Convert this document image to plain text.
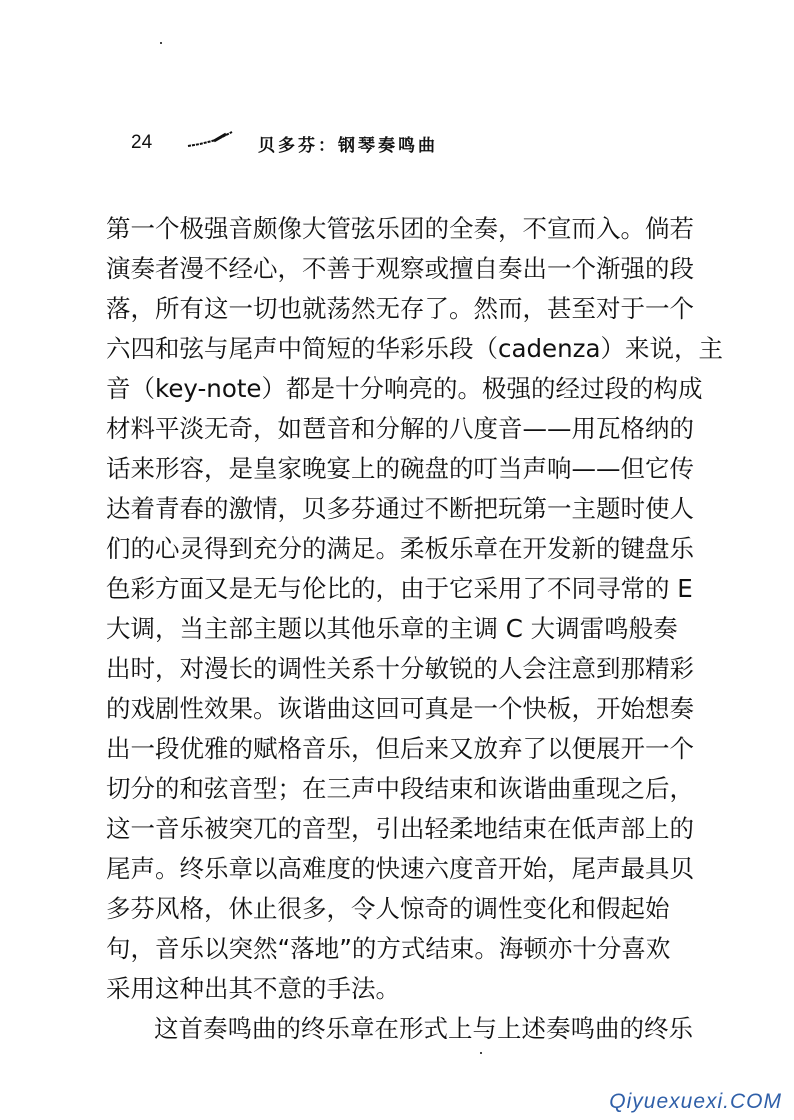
24	贝多芬：钢琴奏鸣曲
第一个极强音颇像大管弦乐团的全奏，不宣而入。倘若
演奏者漫不经心，不善于观察或擅自奏出一个渐强的段
落，所有这一切也就荡然无存了。然而，甚至对于一个
六四和弦与尾声中简短的华彩乐段（cadenza）来说，主
音（key-note）都是十分响亮的。极强的经过段的构成
材料平淡无奇，如琶音和分解的八度音——用瓦格纳的
话来形容，是皇家晚宴上的碗盘的叮当声响——但它传
达着青春的激情，贝多芬通过不断把玩第一主题时使人
们的心灵得到充分的满足。柔板乐章在开发新的键盘乐
色彩方面又是无与伦比的，由于它采用了不同寻常的 E
大调，当主部主题以其他乐章的主调 C 大调雷鸣般奏
出时，对漫长的调性关系十分敏锐的人会注意到那精彩
的戏剧性效果。诙谐曲这回可真是一个快板，开始想奏
出一段优雅的赋格音乐，但后来又放弃了以便展开一个
切分的和弦音型；在三声中段结束和诙谐曲重现之后，
这一音乐被突兀的音型，引出轻柔地结束在低声部上的
尾声。终乐章以高难度的快速六度音开始，尾声最具贝
多芬风格，休止很多，令人惊奇的调性变化和假起始
句，音乐以突然“落地”的方式结束。海顿亦十分喜欢
采用这种出其不意的手法。
这首奏鸣曲的终乐章在形式上与上述奏鸣曲的终乐
Qiyuexuexi.COM
